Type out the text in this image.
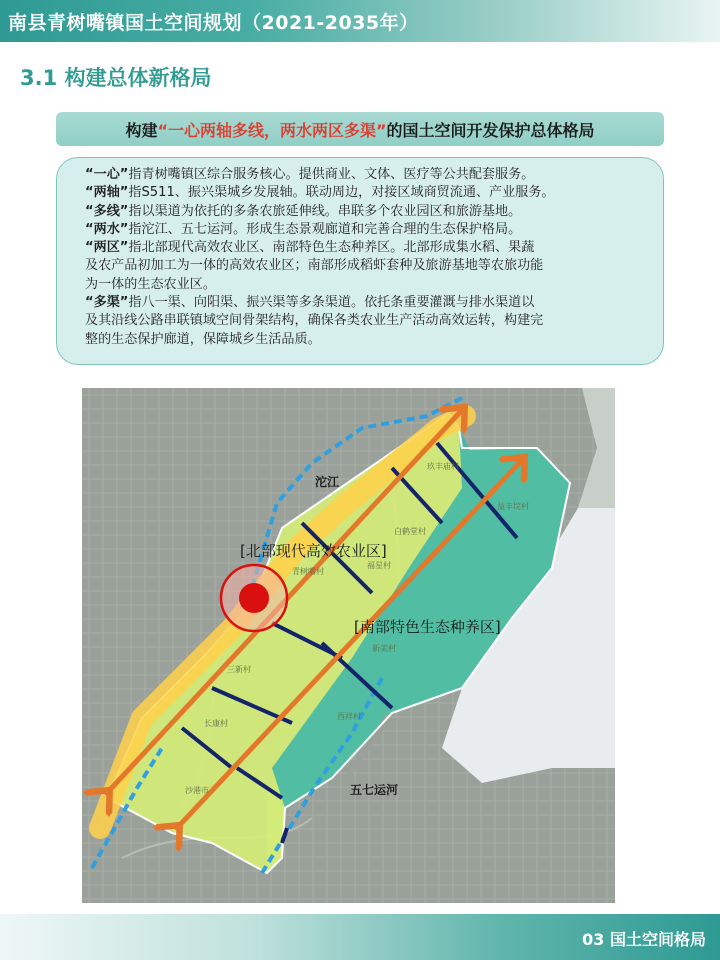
南县青树嘴镇国土空间规划（2021-2035年）
3.1 构建总体新格局
构建 “一心两轴多线，两水两区多渠” 的国土空间开发保护总体格局

“一心”指青树嘴镇区综合服务核心。提供商业、文体、医疗等公共配套服务。

“两轴”指S511、振兴渠城乡发展轴。联动周边，对接区域商贸流通、产业服务。

“多线”指以渠道为依托的多条农旅延伸线。串联多个农业园区和旅游基地。

“两水”指沱江、五七运河。形成生态景观廊道和完善合理的生态保护格局。

“两区”指北部现代高效农业区、南部特色生态种养区。北部形成集水稻、果蔬

及农产品初加工为一体的高效农业区；南部形成稻虾套种及旅游基地等农旅功能

为一体的生态农业区。

“多渠”指八一渠、向阳渠、振兴渠等多条渠道。依托条重要灌溉与排水渠道以

及其沿线公路串联镇域空间骨架结构，确保各类农业生产活动高效运转，构建完

整的生态保护廊道，保障城乡生活品质。

沱江
五七运河
[北部现代高效农业区]
[南部特色生态种养区]
玖丰庙村
益丰垸村
白鹤堂村
青树嘴村
福星村
新美村
三新村
西祥村
长康村
沙港市
03 国土空间格局
